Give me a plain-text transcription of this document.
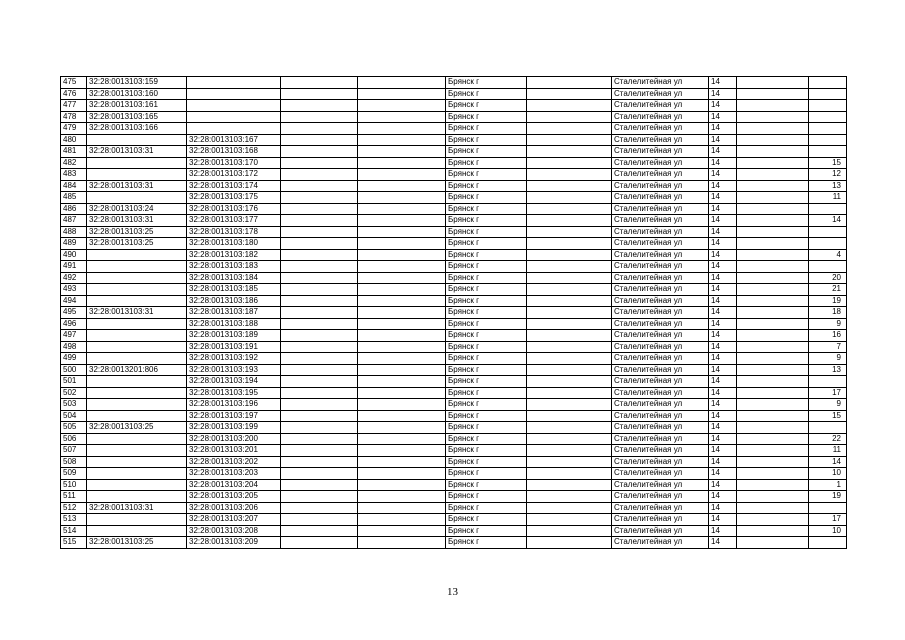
475	32:28:0013103:159				Брянск г		Сталелитейная ул	14		
476	32:28:0013103:160				Брянск г		Сталелитейная ул	14		
477	32:28:0013103:161				Брянск г		Сталелитейная ул	14		
478	32:28:0013103:165				Брянск г		Сталелитейная ул	14		
479	32:28:0013103:166				Брянск г		Сталелитейная ул	14		
480		32:28:0013103:167			Брянск г		Сталелитейная ул	14		
481	32:28:0013103:31	32:28:0013103:168			Брянск г		Сталелитейная ул	14		
482		32:28:0013103:170			Брянск г		Сталелитейная ул	14		15
483		32:28:0013103:172			Брянск г		Сталелитейная ул	14		12
484	32:28:0013103:31	32:28:0013103:174			Брянск г		Сталелитейная ул	14		13
485		32:28:0013103:175			Брянск г		Сталелитейная ул	14		11
486	32:28:0013103:24	32:28:0013103:176			Брянск г		Сталелитейная ул	14		
487	32:28:0013103:31	32:28:0013103:177			Брянск г		Сталелитейная ул	14		14
488	32:28:0013103:25	32:28:0013103:178			Брянск г		Сталелитейная ул	14		
489	32:28:0013103:25	32:28:0013103:180			Брянск г		Сталелитейная ул	14		
490		32:28:0013103:182			Брянск г		Сталелитейная ул	14		4
491		32:28:0013103:183			Брянск г		Сталелитейная ул	14		
492		32:28:0013103:184			Брянск г		Сталелитейная ул	14		20
493		32:28:0013103:185			Брянск г		Сталелитейная ул	14		21
494		32:28:0013103:186			Брянск г		Сталелитейная ул	14		19
495	32:28:0013103:31	32:28:0013103:187			Брянск г		Сталелитейная ул	14		18
496		32:28:0013103:188			Брянск г		Сталелитейная ул	14		9
497		32:28:0013103:189			Брянск г		Сталелитейная ул	14		16
498		32:28:0013103:191			Брянск г		Сталелитейная ул	14		7
499		32:28:0013103:192			Брянск г		Сталелитейная ул	14		9
500	32:28:0013201:806	32:28:0013103:193			Брянск г		Сталелитейная ул	14		13
501		32:28:0013103:194			Брянск г		Сталелитейная ул	14		
502		32:28:0013103:195			Брянск г		Сталелитейная ул	14		17
503		32:28:0013103:196			Брянск г		Сталелитейная ул	14		9
504		32:28:0013103:197			Брянск г		Сталелитейная ул	14		15
505	32:28:0013103:25	32:28:0013103:199			Брянск г		Сталелитейная ул	14		
506		32:28:0013103:200			Брянск г		Сталелитейная ул	14		22
507		32:28:0013103:201			Брянск г		Сталелитейная ул	14		11
508		32:28:0013103:202			Брянск г		Сталелитейная ул	14		14
509		32:28:0013103:203			Брянск г		Сталелитейная ул	14		10
510		32:28:0013103:204			Брянск г		Сталелитейная ул	14		1
511		32:28:0013103:205			Брянск г		Сталелитейная ул	14		19
512	32:28:0013103:31	32:28:0013103:206			Брянск г		Сталелитейная ул	14		
513		32:28:0013103:207			Брянск г		Сталелитейная ул	14		17
514		32:28:0013103:208			Брянск г		Сталелитейная ул	14		10
515	32:28:0013103:25	32:28:0013103:209			Брянск г		Сталелитейная ул	14		
13
